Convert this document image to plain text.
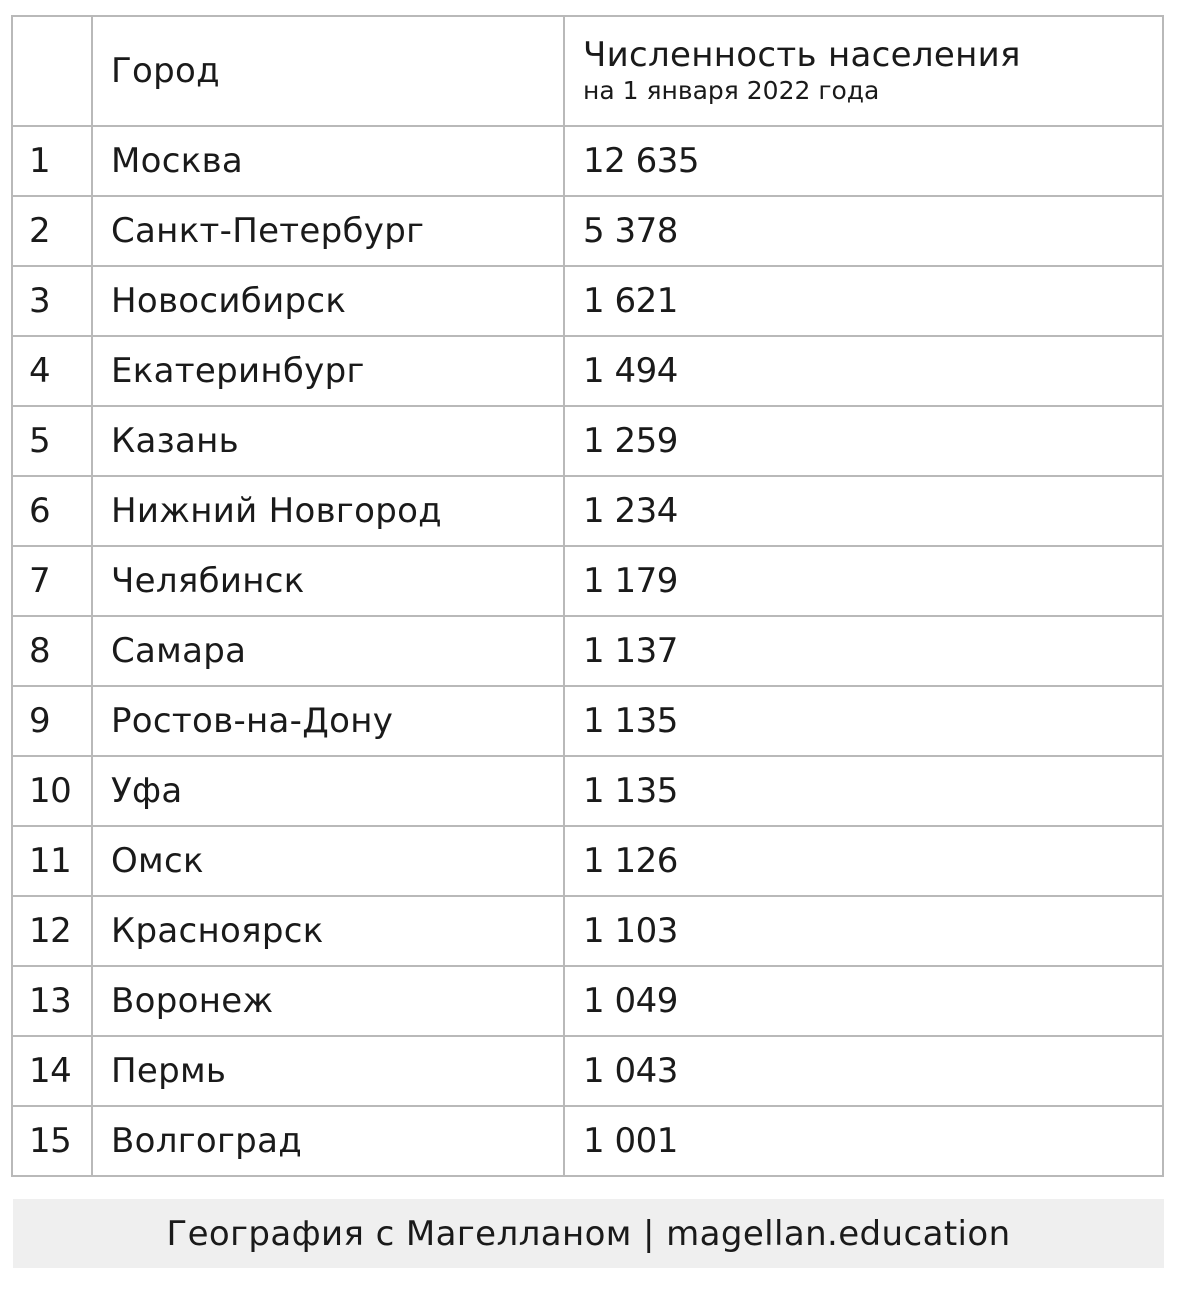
	Город	Численность населения
на 1 января 2022 года

1	Москва	12 635
2	Санкт-Петербург	5 378
3	Новосибирск	1 621
4	Екатеринбург	1 494
5	Казань	1 259
6	Нижний Новгород	1 234
7	Челябинск	1 179
8	Самара	1 137
9	Ростов-на-Дону	1 135
10	Уфа	1 135
11	Омск	1 126
12	Красноярск	1 103
13	Воронеж	1 049
14	Пермь	1 043
15	Волгоград	1 001
География с Магелланом | magellan.education
